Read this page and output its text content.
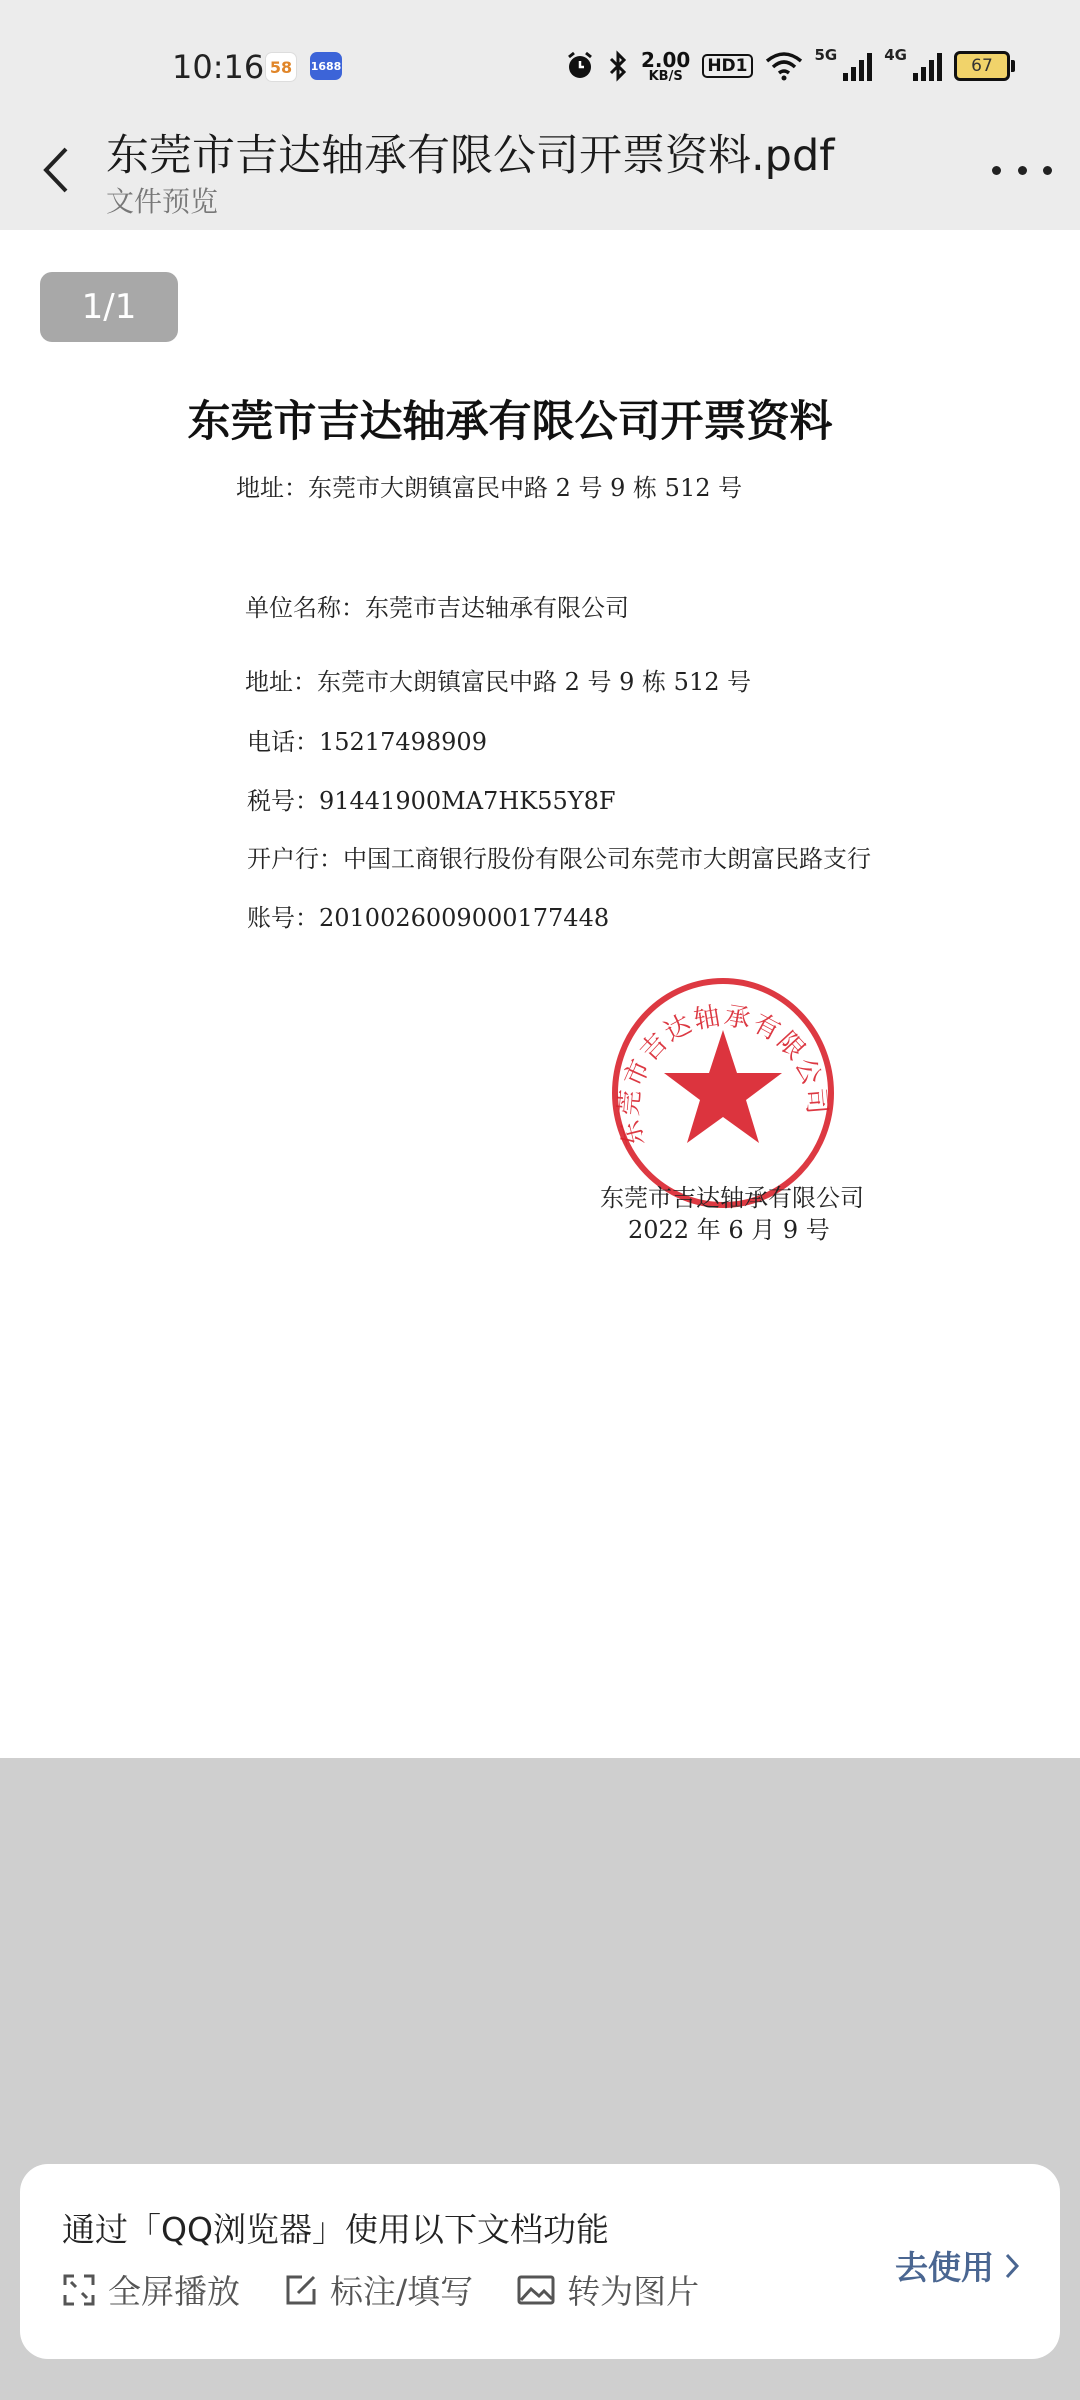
10:16 58	1688	2.00
KB/S HD1
5G	4G
67
东莞市吉达轴承有限公司开票资料.pdf
文件预览
1/1
东莞市吉达轴承有限公司开票资料
地址：东莞市大朗镇富民中路 2 号 9 栋 512 号
单位名称：东莞市吉达轴承有限公司
地址：东莞市大朗镇富民中路 2 号 9 栋 512 号
电话：15217498909
税号：91441900MA7HK55Y8F
开户行：中国工商银行股份有限公司东莞市大朗富民路支行
账号：2010026009000177448
东莞市吉达轴承有限公司
东莞市吉达轴承有限公司
2022 年 6 月 9 号
通过「QQ浏览器」使用以下文档功能
全屏播放	标注/填写	转为图片
去使用
